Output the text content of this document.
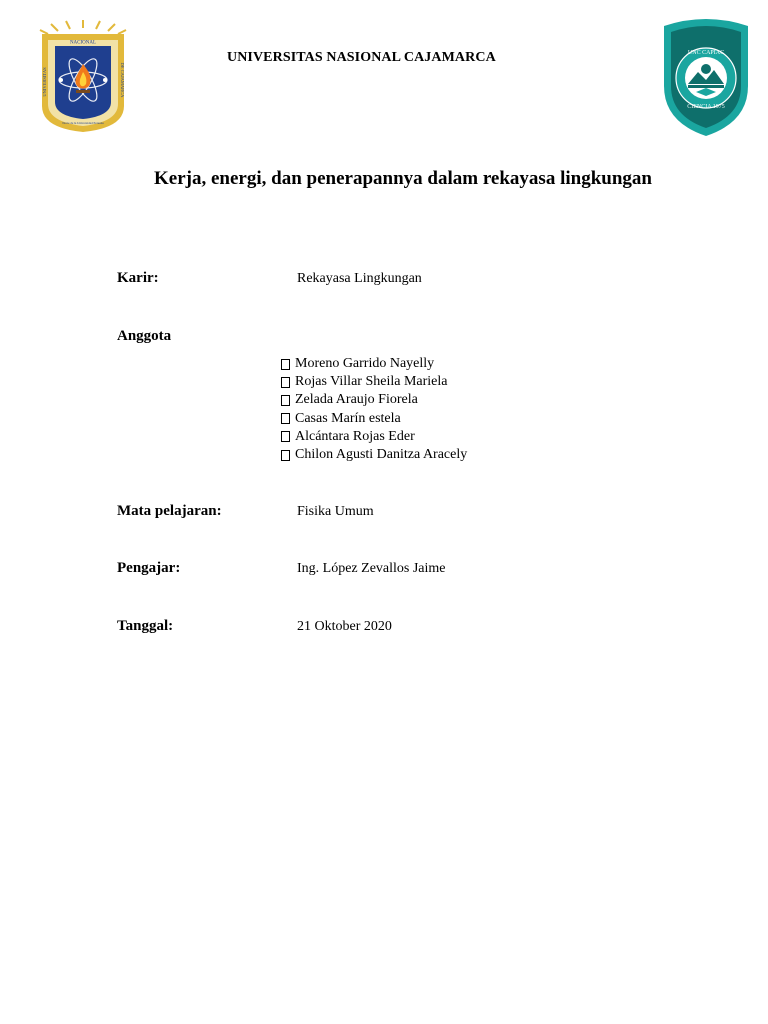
NACIONAL
UNIVERSITAS	DE CAJAMARCA
Norte de la Universidad Peruana
UNIVERSITAS NASIONAL CAJAMARCA	UNC CAPIAC
CIENCIA 1975
Kerja, energi, dan penerapannya dalam rekayasa lingkungan
Karir:	Rekayasa Lingkungan
Anggota
Moreno Garrido Nayelly
Rojas Villar Sheila Mariela
Zelada Araujo Fiorela
Casas Marín estela
Alcántara Rojas Eder
Chilon Agusti Danitza Aracely
Mata pelajaran:	Fisika Umum
Pengajar:	Ing. López Zevallos Jaime
Tanggal:	21 Oktober 2020
